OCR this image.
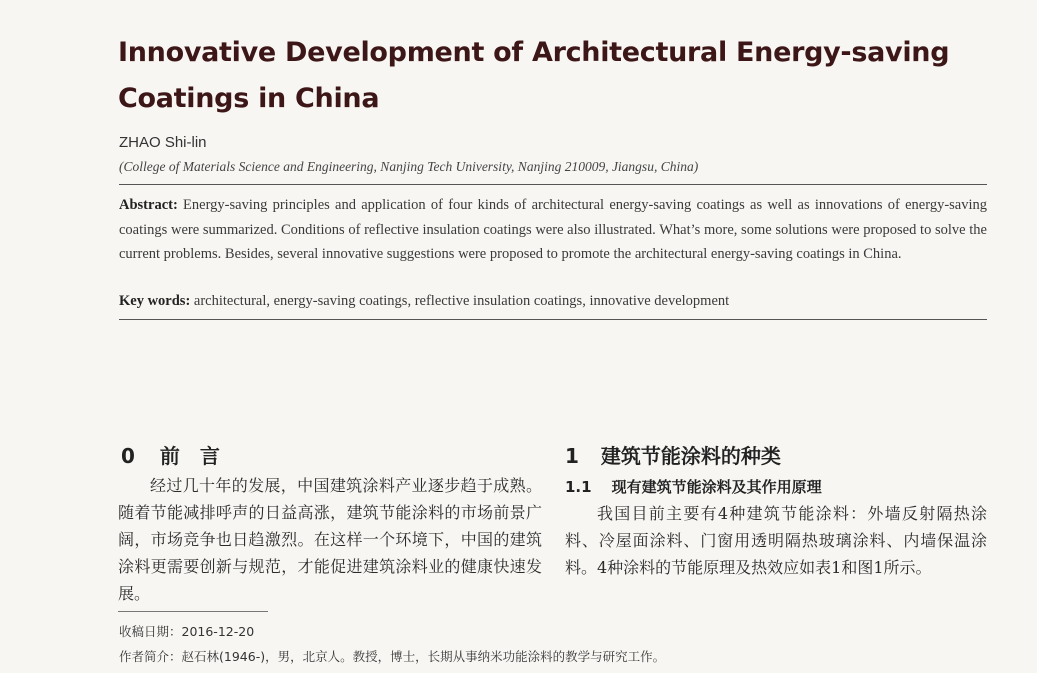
Innovative Development of Architectural Energy-saving Coatings in China
ZHAO Shi-lin
(College of Materials Science and Engineering, Nanjing Tech University, Nanjing 210009, Jiangsu, China)
Abstract: Energy-saving principles and application of four kinds of architectural energy-saving coatings as well as innovations of energy-saving coatings were summarized. Conditions of reflective insulation coatings were also illustrated. What’s more, some solutions were proposed to solve the current problems. Besides, several innovative suggestions were proposed to promote the architectural energy-saving coatings in China.
Key words: architectural, energy-saving coatings, reflective insulation coatings, innovative development
0 前言
经过几十年的发展，中国建筑涂料产业逐步趋于成熟。随着节能减排呼声的日益高涨，建筑节能涂料的市场前景广阔，市场竞争也日趋激烈。在这样一个环境下，中国的建筑涂料更需要创新与规范，才能促进建筑涂料业的健康快速发展。
1 建筑节能涂料的种类
1.1 现有建筑节能涂料及其作用原理
我国目前主要有4种建筑节能涂料：外墙反射隔热涂料、冷屋面涂料、门窗用透明隔热玻璃涂料、内墙保温涂料。4种涂料的节能原理及热效应如表1和图1所示。
收稿日期：2016-12-20
作者简介：赵石林(1946-)，男，北京人。教授，博士，长期从事纳米功能涂料的教学与研究工作。
